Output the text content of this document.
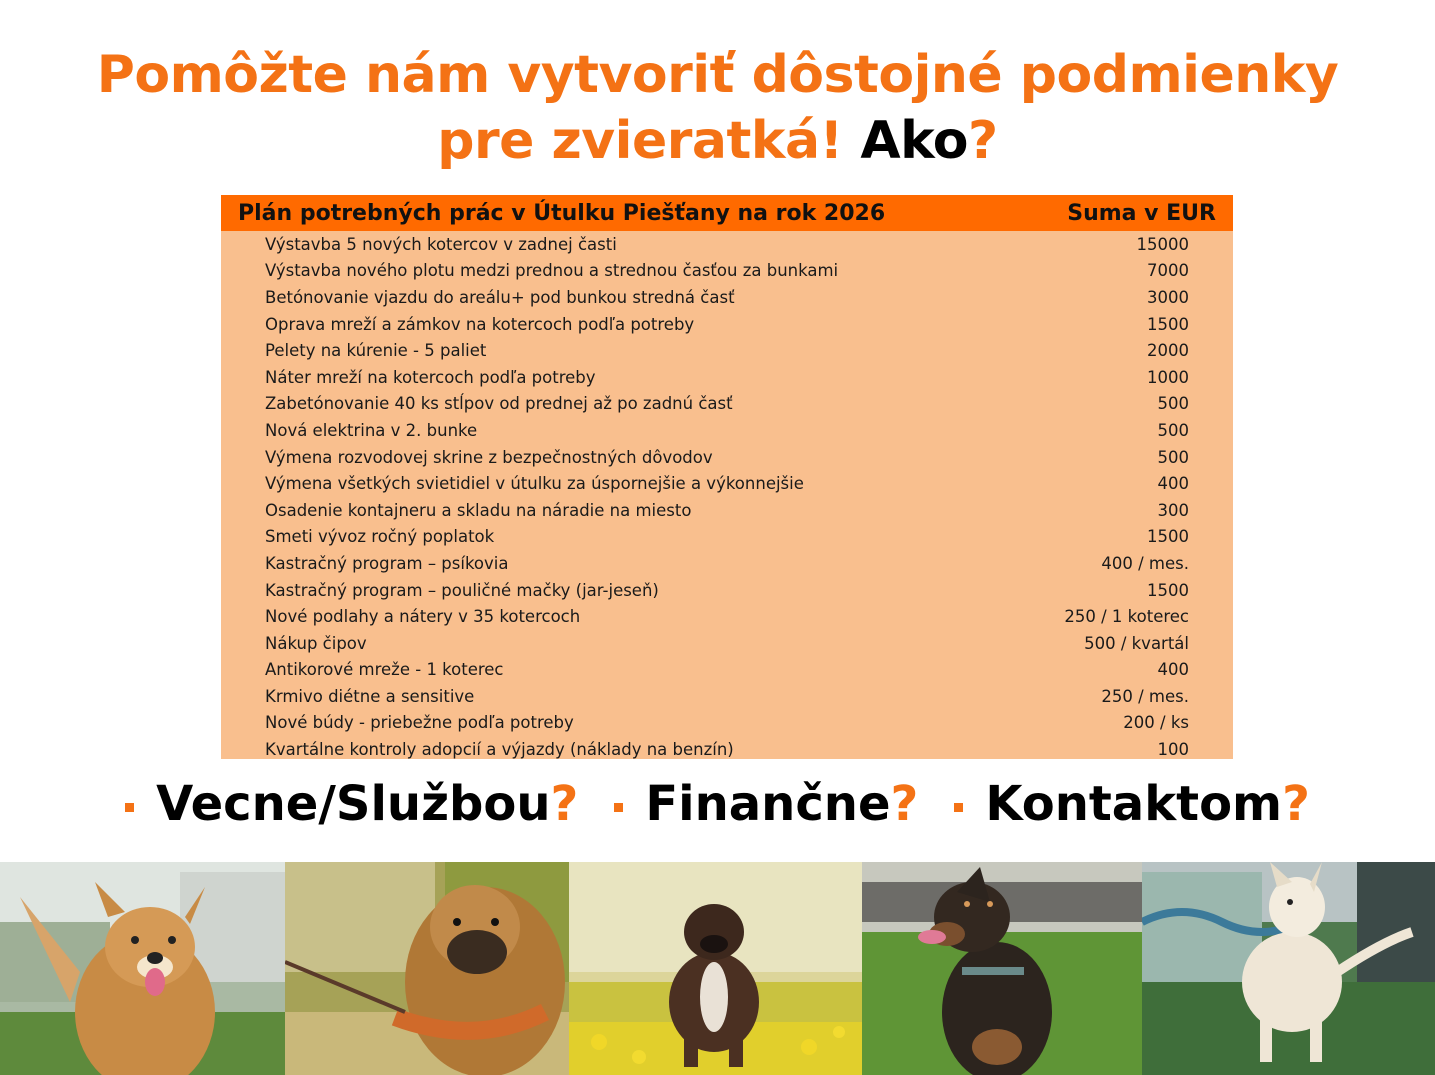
Pomôžte nám vytvoriť dôstojné podmienky
pre zvieratká! Ako?
Plán potrebných prác v Útulku Piešťany na rok 2026	Suma v EUR
Výstavba 5 nových kotercov v zadnej časti	15000
Výstavba nového plotu medzi prednou a strednou časťou za bunkami	7000
Betónovanie vjazdu do areálu+ pod bunkou stredná časť	3000
Oprava mreží a zámkov na kotercoch podľa potreby	1500
Pelety na kúrenie - 5 paliet	2000
Náter mreží na kotercoch podľa potreby	1000
Zabetónovanie 40 ks stĺpov od prednej až po zadnú časť	500
Nová elektrina v 2. bunke	500
Výmena rozvodovej skrine z bezpečnostných dôvodov	500
Výmena všetkých svietidiel v útulku za úspornejšie a výkonnejšie	400
Osadenie kontajneru a skladu na náradie na miesto	300
Smeti vývoz ročný poplatok	1500
Kastračný program – psíkovia	400 / mes.
Kastračný program – pouličné mačky (jar-jeseň)	1500
Nové podlahy a nátery v 35 kotercoch	250 / 1 koterec
Nákup čipov	500 / kvartál
Antikorové mreže - 1 koterec	400
Krmivo diétne a sensitive	250 / mes.
Nové búdy - priebežne podľa potreby	200 / ks
Kvartálne kontroly adopcií a výjazdy (náklady na benzín)	100
Vecne/Službou ? Finančne ? Kontaktom ?
